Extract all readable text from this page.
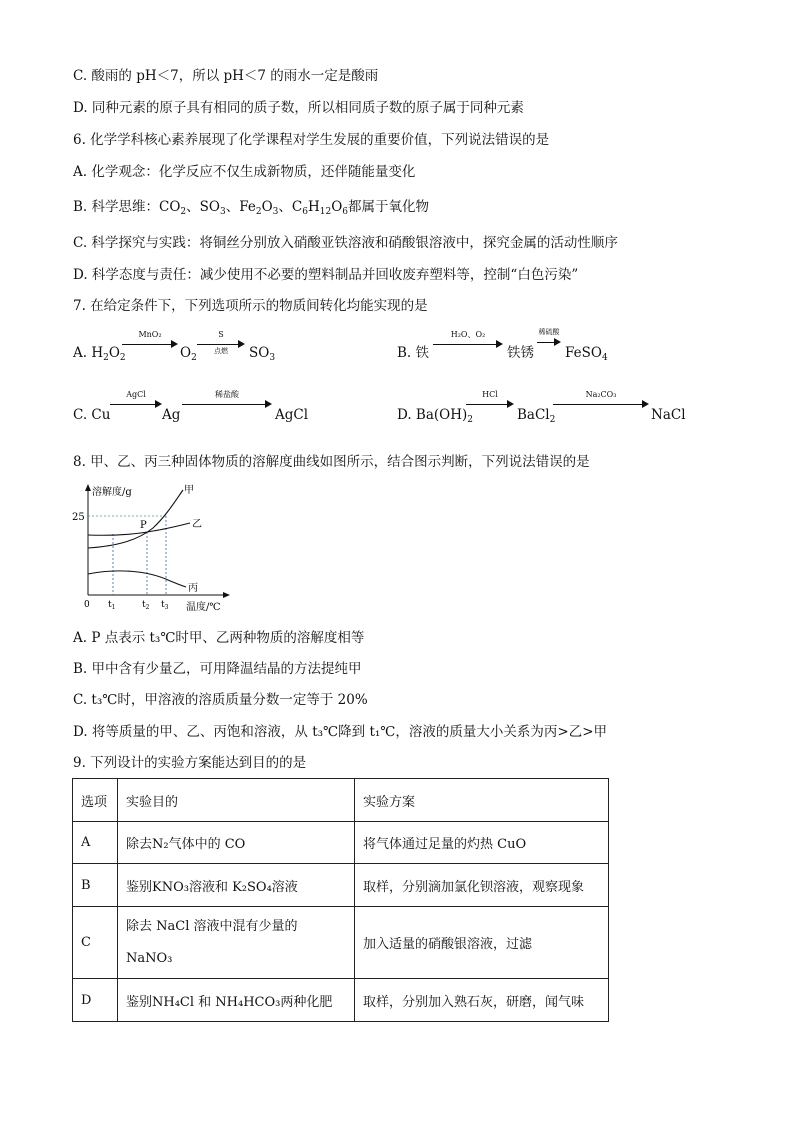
C. 酸雨的 pH＜7，所以 pH＜7 的雨水一定是酸雨
D. 同种元素的原子具有相同的质子数，所以相同质子数的原子属于同种元素
6. 化学学科核心素养展现了化学课程对学生发展的重要价值，下列说法错误的是
A. 化学观念：化学反应不仅生成新物质，还伴随能量变化
B. 科学思维：$CO_2$、$SO_3$、$Fe_2O_3$、$C_6H_{12}O_6$都属于氧化物
C. 科学探究与实践：将铜丝分别放入硝酸亚铁溶液和硝酸银溶液中，探究金属的活动性顺序
D. 科学态度与责任：减少使用不必要的塑料制品并回收废弃塑料等，控制“白色污染”
7. 在给定条件下，下列选项所示的物质间转化均能实现的是
A. $H_2O_2$
MnO₂
$O_2$
S
点燃	$SO_3$	B. 铁
H₂O、O₂
铁锈
稀硫酸
FeSO$_4$
C. Cu
AgCl
Ag
稀盐酸
AgCl	D. $Ba(OH)_2$
HCl
BaCl$_2$
Na₂CO₃
NaCl
8. 甲、乙、丙三种固体物质的溶解度曲线如图所示，结合图示判断，下列说法错误的是
溶解度/g
25
0	温度/℃
P
甲
乙
丙
$t_1$	$t_2$ $t_3$
A. P 点表示 t₃℃时甲、乙两种物质的溶解度相等
B. 甲中含有少量乙，可用降温结晶的方法提纯甲
C. t₃℃时，甲溶液的溶质质量分数一定等于 20%
D. 将等质量的甲、乙、丙饱和溶液，从 t₃℃降到 t₁℃，溶液的质量大小关系为丙>乙>甲
9. 下列设计的实验方案能达到目的的是
选项	实验目的	实验方案
A	除去N₂气体中的 CO	将气体通过足量的灼热 CuO
B	鉴别KNO₃溶液和 K₂SO₄溶液	取样，分别滴加氯化钡溶液，观察现象
C	除去 NaCl 溶液中混有少量的
NaNO₃	加入适量的硝酸银溶液，过滤
D	鉴别NH₄Cl 和 NH₄HCO₃两种化肥	取样，分别加入熟石灰，研磨，闻气味
